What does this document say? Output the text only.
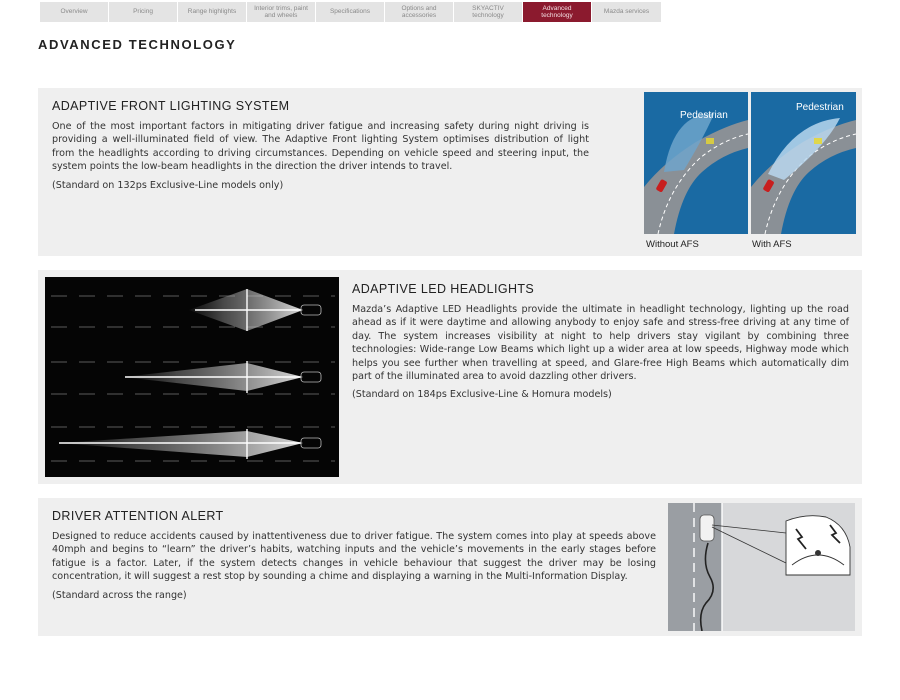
Overview	Pricing	Range highlights
Interior trims, paint and wheels
Specifications
Options and accessories
SKYACTIV technology
Advanced technology
Mazda services
ADVANCED TECHNOLOGY
ADAPTIVE FRONT LIGHTING SYSTEM

One of the most important factors in mitigating driver fatigue and increasing safety during night driving is providing a well-illuminated field of view. The Adaptive Front lighting System optimises distribution of light from the headlights according to driving circumstances. Depending on vehicle speed and steering input, the system points the low-beam headlights in the direction the driver intends to travel.

(Standard on 132ps Exclusive-Line models only)

Pedestrian
Pedestrian
Without AFS	With AFS
ADAPTIVE LED HEADLIGHTS

Mazda’s Adaptive LED Headlights provide the ultimate in headlight technology, lighting up the road ahead as if it were daytime and allowing anybody to enjoy safe and stress-free driving at any time of day. The system increases visibility at night to help drivers stay vigilant by combining three technologies: Wide-range Low Beams which light up a wider area at low speeds, Highway mode which helps you see further when travelling at speed, and Glare-free High Beams which automatically dim part of the illuminated area to avoid dazzling other drivers.

(Standard on 184ps Exclusive-Line & Homura models)

DRIVER ATTENTION ALERT

Designed to reduce accidents caused by inattentiveness due to driver fatigue. The system comes into play at speeds above 40mph and begins to “learn” the driver’s habits, watching inputs and the vehicle’s movements in the early stages before fatigue is a factor. Later, if the system detects changes in vehicle behaviour that suggest the driver may be losing concentration, it will suggest a rest stop by sounding a chime and displaying a warning in the Multi-Information Display.

(Standard across the range)
